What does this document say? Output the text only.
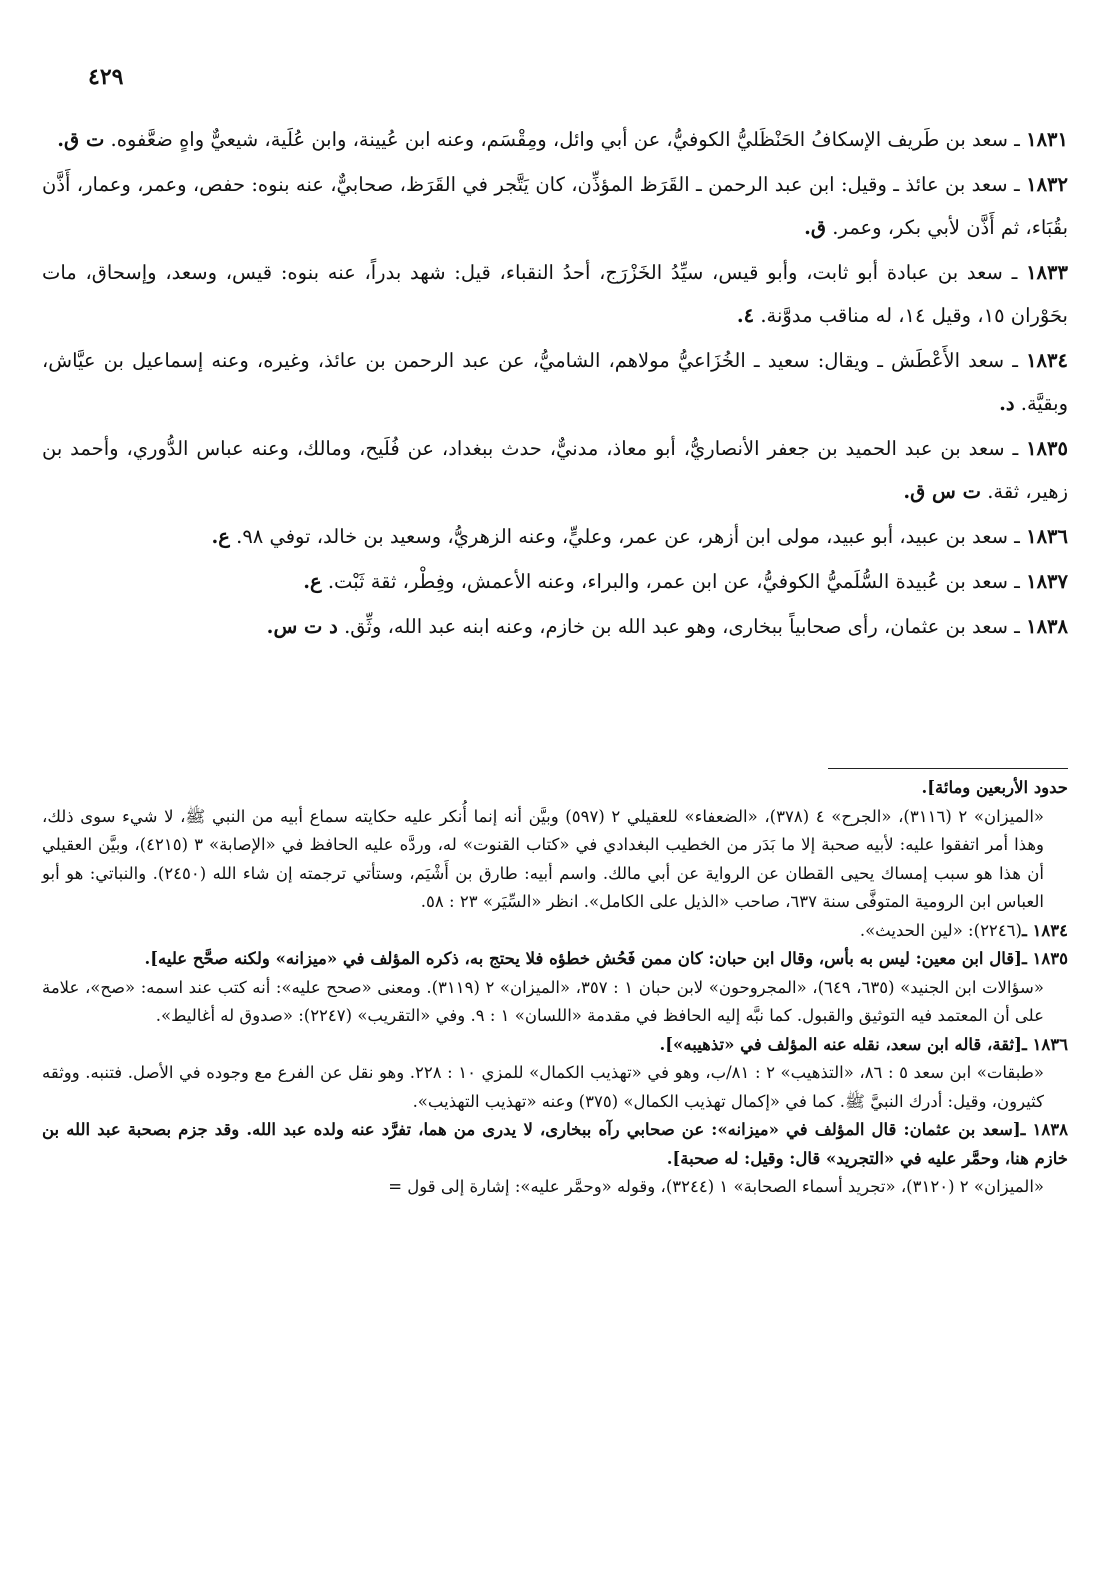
٤٢٩

١٨٣١ ـ سعد بن طَريف الإسكافُ الحَنْظَليُّ الكوفيُّ، عن أبي وائل، ومِقْسَم، وعنه ابن عُيينة، وابن عُلَية، شيعيٌّ واهٍ ضعَّفوه. ت ق.

١٨٣٢ ـ سعد بن عائذ ـ وقيل: ابن عبد الرحمن ـ القَرَظ المؤذِّن، كان يَتَّجر في القَرَظ، صحابيٌّ، عنه بنوه: حفص، وعمر، وعمار، أَذَّن بقُبَاء، ثم أَذَّن لأبي بكر، وعمر. ق.

١٨٣٣ ـ سعد بن عبادة أبو ثابت، وأبو قيس، سيِّدُ الخَزْرَج، أحدُ النقباء، قيل: شهد بدراً، عنه بنوه: قيس، وسعد، وإسحاق، مات بحَوْران ١٥، وقيل ١٤، له مناقب مدوَّنة. ٤.

١٨٣٤ ـ سعد الأَعْطَش ـ ويقال: سعيد ـ الخُزَاعيُّ مولاهم، الشاميُّ، عن عبد الرحمن بن عائذ، وغيره، وعنه إسماعيل بن عيَّاش، وبقيَّة. د.

١٨٣٥ ـ سعد بن عبد الحميد بن جعفر الأنصاريُّ، أبو معاذ، مدنيٌّ، حدث ببغداد، عن فُلَيح، ومالك، وعنه عباس الدُّوري، وأحمد بن زهير، ثقة. ت س ق.

١٨٣٦ ـ سعد بن عبيد، أبو عبيد، مولى ابن أزهر، عن عمر، وعليٍّ، وعنه الزهريُّ، وسعيد بن خالد، توفي ٩٨. ع.

١٨٣٧ ـ سعد بن عُبيدة السُّلَميُّ الكوفيُّ، عن ابن عمر، والبراء، وعنه الأعمش، وفِطْر، ثقة ثَبْت. ع.

١٨٣٨ ـ سعد بن عثمان، رأى صحابياً ببخارى، وهو عبد الله بن خازم، وعنه ابنه عبد الله، وثِّق. د ت س.

حدود الأربعين ومائة].

«الميزان» ٢ (٣١١٦)، «الجرح» ٤ (٣٧٨)، «الضعفاء» للعقيلي ٢ (٥٩٧) وبيَّن أنه إنما أُنكر عليه حكايته سماع أبيه من النبي ﷺ، لا شيء سوى ذلك، وهذا أمر اتفقوا عليه: لأبيه صحبة إلا ما بَدَر من الخطيب البغدادي في «كتاب القنوت» له، وردَّه عليه الحافظ في «الإصابة» ٣ (٤٢١٥)، وبيَّن العقيلي أن هذا هو سبب إمساك يحيى القطان عن الرواية عن أبي مالك. واسم أبيه: طارق بن أَشْيَم، وستأتي ترجمته إن شاء الله (٢٤٥٠). والنباتي: هو أبو العباس ابن الرومية المتوفَّى سنة ٦٣٧، صاحب «الذيل على الكامل». انظر «السِّيَر» ٢٣ : ٥٨.

١٨٣٤ ـ(٢٢٤٦): «لين الحديث».

١٨٣٥ ـ[قال ابن معين: ليس به بأس، وقال ابن حبان: كان ممن فَحُش خطؤه فلا يحتج به، ذكره المؤلف في «ميزانه» ولكنه صحَّح عليه].

«سؤالات ابن الجنيد» (٦٣٥، ٦٤٩)، «المجروحون» لابن حبان ١ : ٣٥٧، «الميزان» ٢ (٣١١٩). ومعنى «صحح عليه»: أنه كتب عند اسمه: «صح»، علامة على أن المعتمد فيه التوثيق والقبول. كما نبَّه إليه الحافظ في مقدمة «اللسان» ١ : ٩. وفي «التقريب» (٢٢٤٧): «صدوق له أغاليط».

١٨٣٦ ـ[ثقة، قاله ابن سعد، نقله عنه المؤلف في «تذهيبه»].

«طبقات» ابن سعد ٥ : ٨٦، «التذهيب» ٢ : ٨١/ب، وهو في «تهذيب الكمال» للمزي ١٠ : ٢٢٨. وهو نقل عن الفرع مع وجوده في الأصل. فتنبه. ووثقه كثيرون، وقيل: أدرك النبيَّ ﷺ. كما في «إكمال تهذيب الكمال» (٣٧٥) وعنه «تهذيب التهذيب».

١٨٣٨ ـ[سعد بن عثمان: قال المؤلف في «ميزانه»: عن صحابي رآه ببخارى، لا يدرى من هما، تفرَّد عنه ولده عبد الله. وقد جزم بصحبة عبد الله بن خازم هنا، وحمَّر عليه في «التجريد» قال: وقيل: له صحبة].

«الميزان» ٢ (٣١٢٠)، «تجريد أسماء الصحابة» ١ (٣٢٤٤)، وقوله «وحمَّر عليه»: إشارة إلى قول =
